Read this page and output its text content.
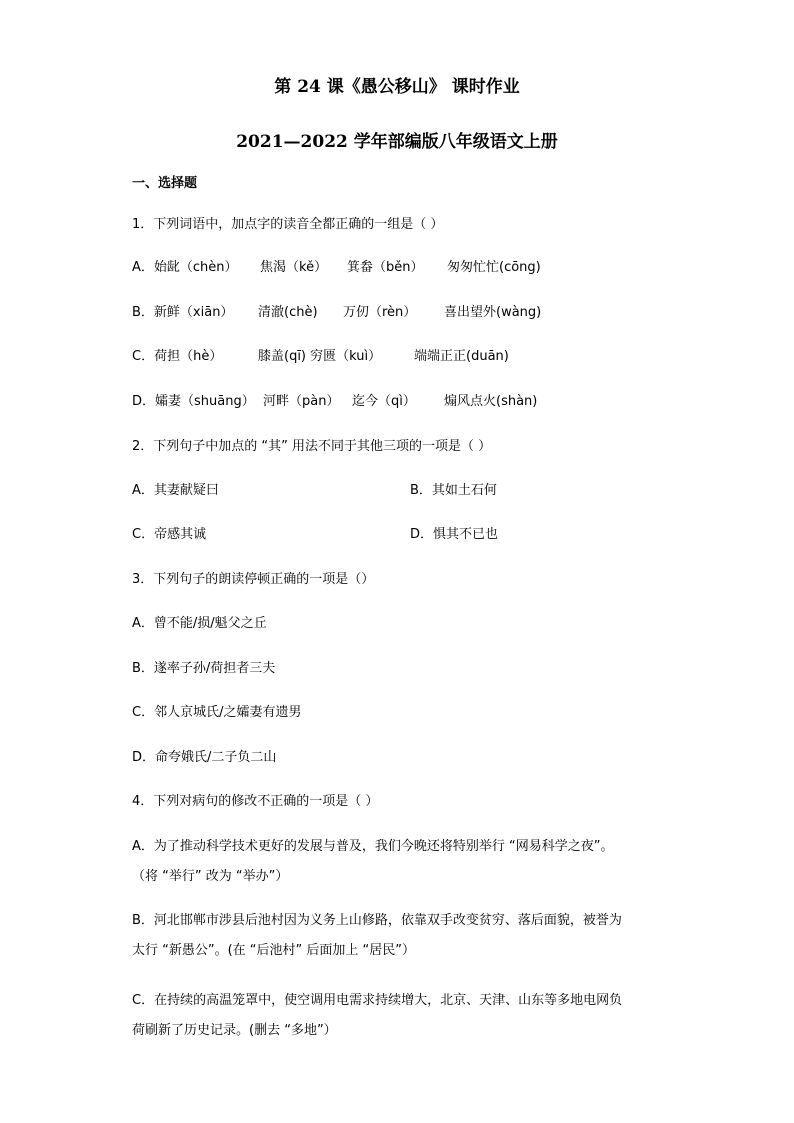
第 24 课《愚公移山》 课时作业
2021—2022 学年部编版八年级语文上册
一、选择题
1．下列词语中，加点字的读音全都正确的一组是（ ）
A．始龀（chèn） 焦渴（kě） 箕畚（běn） 匆匆忙忙(cōng)
B．新鲜（xiān） 清澈(chè) 万仞（rèn） 喜出望外(wàng)
C．荷担（hè）	膝盖(qī) 穷匮（kuì）	端端正正(duān)
D．孀妻（shuāng） 河畔（pàn） 迄今（qì） 煽风点火(shàn)
2．下列句子中加点的 “其” 用法不同于其他三项的一项是（ ）
A．其妻献疑曰	B．其如土石何
C．帝感其诚	D．惧其不已也
3．下列句子的朗读停顿正确的一项是（）
A．曾不能/损/魁父之丘
B．遂率子孙/荷担者三夫
C．邻人京城氏/之孀妻有遗男
D．命夸娥氏/二子负二山
4．下列对病句的修改不正确的一项是（ ）
A．为了推动科学技术更好的发展与普及，我们今晚还将特别举行 “网易科学之夜”。
（将 “举行” 改为 “举办”）
B．河北邯郸市涉县后池村因为义务上山修路，依靠双手改变贫穷、落后面貌，被誉为
太行 “新愚公”。(在 “后池村” 后面加上 “居民”）
C．在持续的高温笼罩中，使空调用电需求持续增大，北京、天津、山东等多地电网负
荷刷新了历史记录。(删去 “多地”）
